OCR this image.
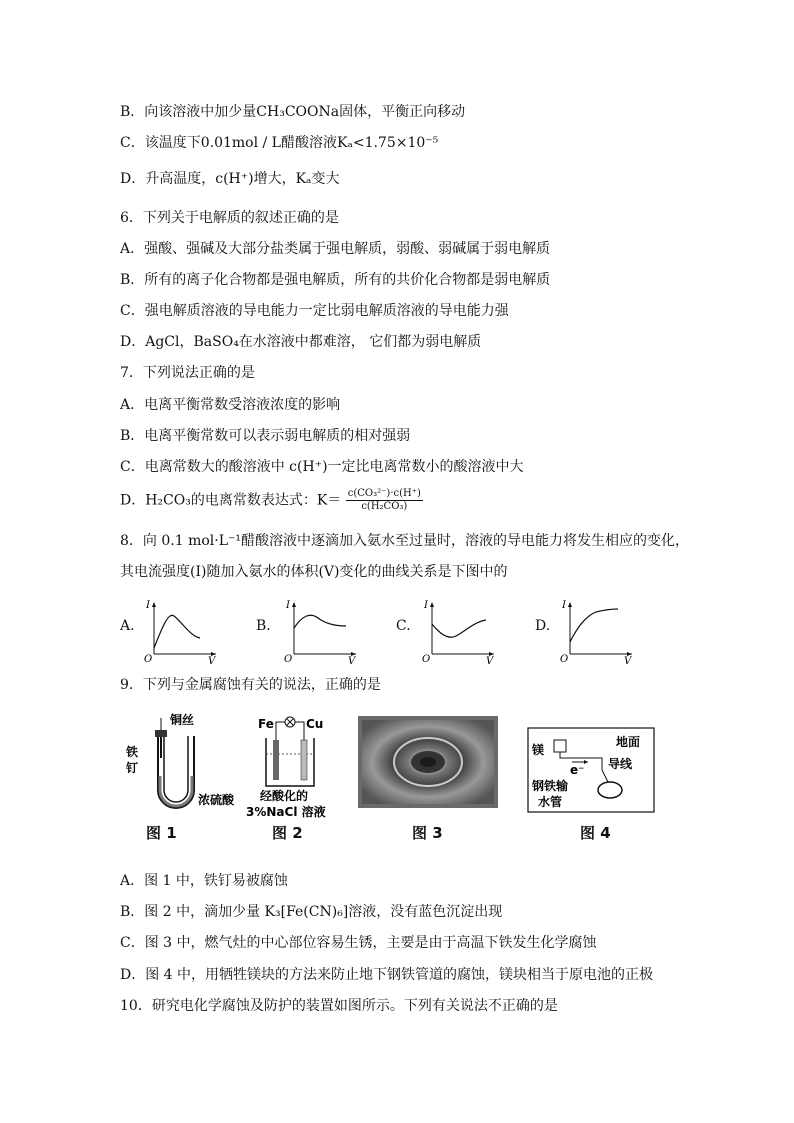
B．向该溶液中加少量CH₃COONa固体，平衡正向移动
C．该温度下0.01mol / L醋酸溶液Kₐ<1.75×10⁻⁵
D．升高温度，c(H⁺)增大，Kₐ变大
6．下列关于电解质的叙述正确的是
A．强酸、强碱及大部分盐类属于强电解质，弱酸、弱碱属于弱电解质
B．所有的离子化合物都是强电解质，所有的共价化合物都是弱电解质
C．强电解质溶液的导电能力一定比弱电解质溶液的导电能力强
D．AgCl，BaSO₄在水溶液中都难溶， 它们都为弱电解质
7．下列说法正确的是
A．电离平衡常数受溶液浓度的影响
B．电离平衡常数可以表示弱电解质的相对强弱
C．电离常数大的酸溶液中 c(H⁺)一定比电离常数小的酸溶液中大
D．H₂CO₃的电离常数表达式：$K= \frac{\text{c(CO₃²⁻)·c(H⁺)}}{\text{c(H₂CO₃)}}$
8．向 0.1 mol·L⁻¹醋酸溶液中逐滴加入氨水至过量时，溶液的导电能力将发生相应的变化，
其电流强度(I)随加入氨水的体积(V)变化的曲线关系是下图中的
A.
I
V
O
B.
I
V
O
C.
I
V
O
D.
I
V
O
9．下列与金属腐蚀有关的说法，正确的是
铜丝
铁
钉
浓硫酸
图 1
Fe	Cu
经酸化的
3%NaCl 溶液
图 2	图 3
镁
地面
e⁻ 导线
钢铁输
水管
图 4
A．图 1 中，铁钉易被腐蚀
B．图 2 中，滴加少量 K₃[Fe(CN)₆]溶液，没有蓝色沉淀出现
C．图 3 中，燃气灶的中心部位容易生锈，主要是由于高温下铁发生化学腐蚀
D．图 4 中，用牺牲镁块的方法来防止地下钢铁管道的腐蚀，镁块相当于原电池的正极
10．研究电化学腐蚀及防护的装置如图所示。下列有关说法不正确的是
